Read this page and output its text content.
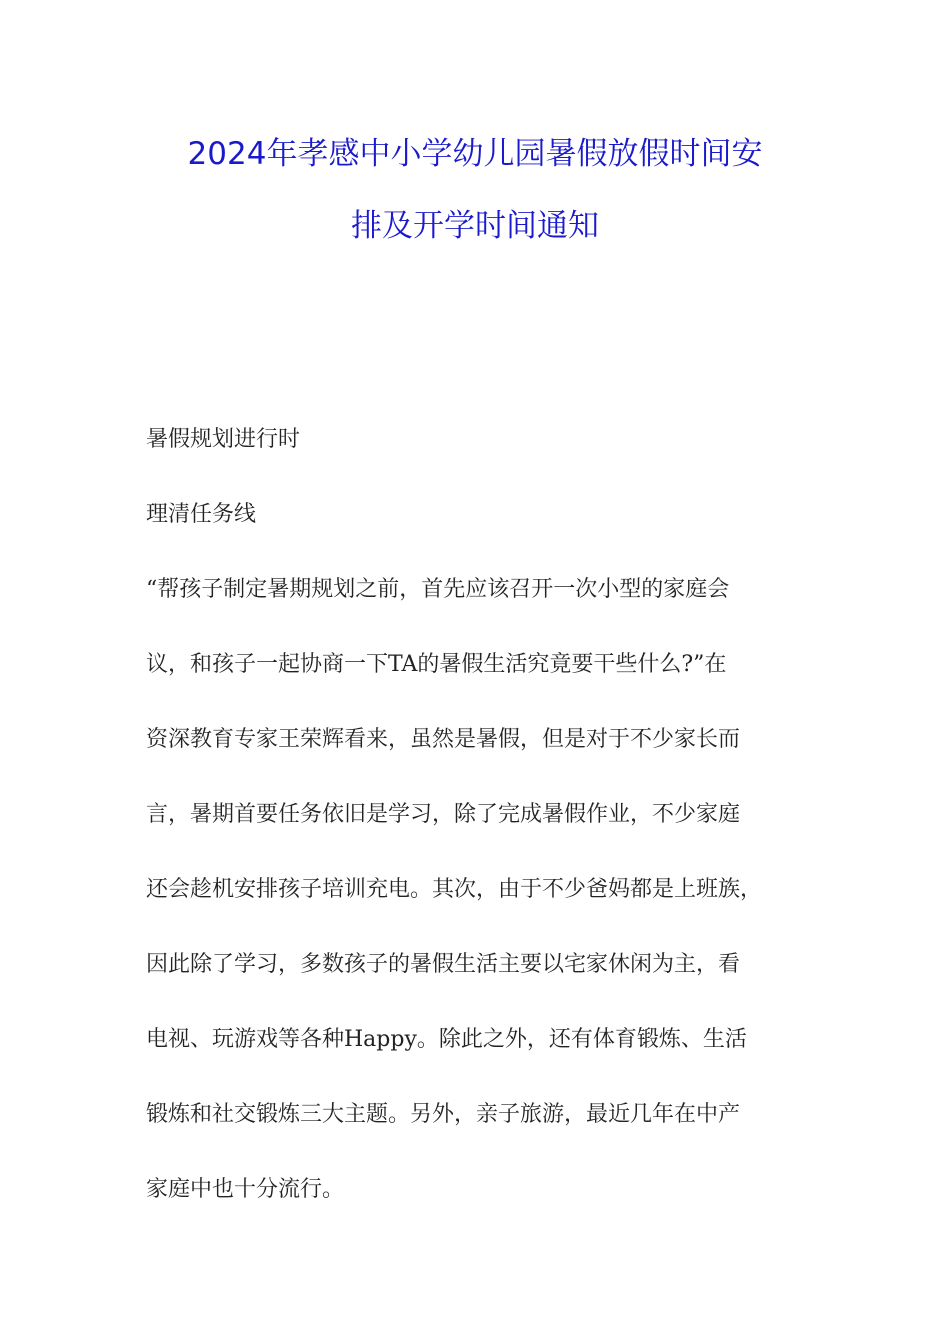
2024年孝感中小学幼儿园暑假放假时间安
排及开学时间通知
暑假规划进行时
理清任务线

“帮孩子制定暑期规划之前，首先应该召开一次小型的家庭会
议，和孩子一起协商一下TA的暑假生活究竟要干些什么?”在
资深教育专家王荣辉看来，虽然是暑假，但是对于不少家长而
言，暑期首要任务依旧是学习，除了完成暑假作业，不少家庭
还会趁机安排孩子培训充电。其次，由于不少爸妈都是上班族，
因此除了学习，多数孩子的暑假生活主要以宅家休闲为主，看
电视、玩游戏等各种Happy。除此之外，还有体育锻炼、生活
锻炼和社交锻炼三大主题。另外，亲子旅游，最近几年在中产
家庭中也十分流行。
